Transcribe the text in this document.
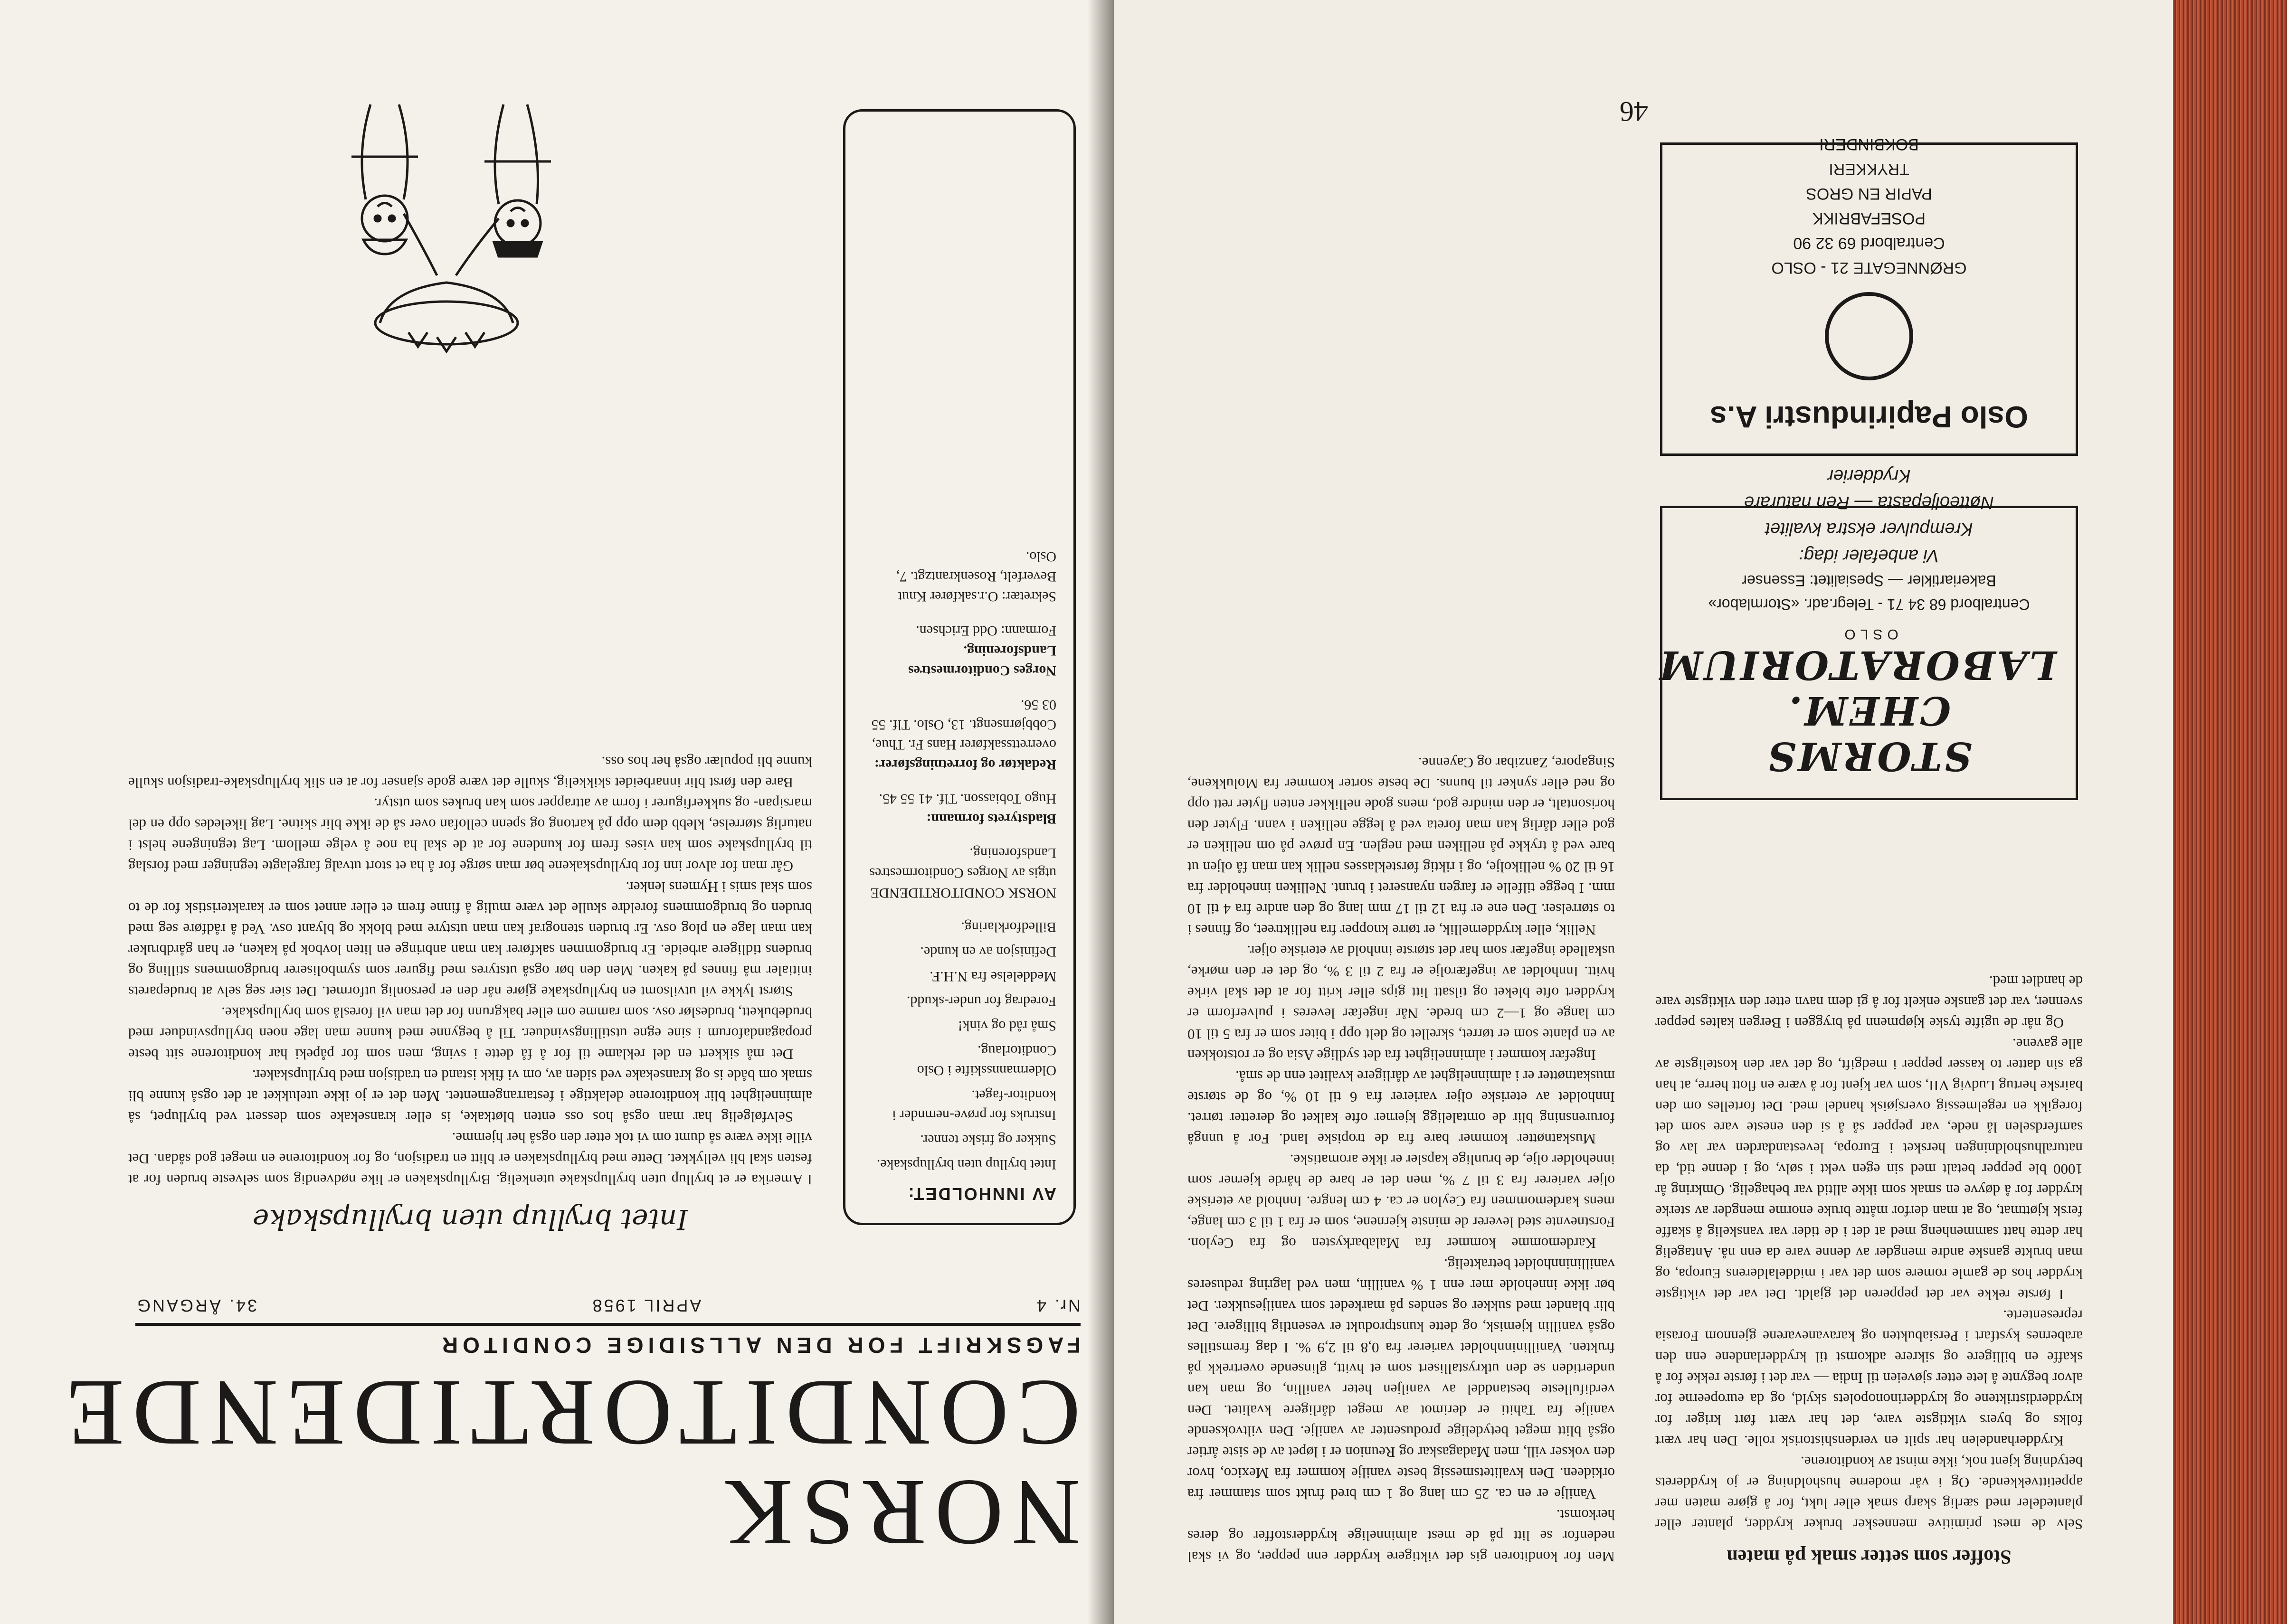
NORSK
CONDITORTIDENDE
FAGSKRIFT FOR DEN ALLSIDIGE CONDITOR
Nr. 4
APRIL 1958
34. ÅRGANG
AV INNHOLDET:
Intet bryllup uten bryllupskake.
Sukker og friske tenner.
Instruks for prøve-nemnder i konditor-faget.
Oldermannsskifte i Oslo Conditorlaug.
Små råd og vink!
Foredrag for under-skudd.
Meddelelse fra N.H.F.
Definisjon av en kunde.
Billedforklaring.
NORSK CONDITORTIDENDE utgis av Norges Conditormestres Landsforening.
Bladstyrets formann:
Hugo Tobiasson. Tlf. 41 55 45.
Redaktør og forretningsfører:
overrettssakfører Hans Fr. Thue, Cobbjørnsengt. 13, Oslo. Tlf. 55 03 56.
Norges Conditormestres Landsforening.
Formann: Odd Erichsen.
Sekretær: O.r.sakfører Knut Beverfelt, Rosenkrantzgt. 7, Oslo.
Intet bryllup uten bryllupskake

I Amerika er et bryllup uten bryllupskake utenkelig. Bryllupskaken er like nødvendig som selveste bruden for at festen skal bli vellykket. Dette med bryllupskaken er blitt en tradisjon, og for konditorene en meget god sådan. Det ville ikke være så dumt om vi tok etter den også her hjemme.

Selvfølgelig har man også hos oss enten bløtkake, is eller kransekake som dessert ved bryllupet, så alminnelighet blir konditorene delaktige i festarrangementet. Men det er jo ikke utelukket at det også kunne bli smak om både is og kransekake ved siden av, om vi fikk istand en tradisjon med bryllupskaker.

Det må sikkert en del reklame til for å få dette i sving, men som for påpeki har konditorene sitt beste propagandaforum i sine egne utstillingsvinduer. Til å begynne med kunne man lage noen bryllupsvinduer med brudebukett, brudeslør osv. som ramme om eller bakgrunn for det man vil foreslå som bryllupskake.

Størst lykke vil utvilsomt en bryllupskake gjøre når den er personlig utformet. Det sier seg selv at brudeparets initialer må finnes på kaken. Men den bør også utstyres med figurer som symboliserer brudgommens stilling og brudens tidligere arbeide. Er brudgommen sakfører kan man anbringe en liten lovbok på kaken, er han gårdbruker kan man lage en plog osv. Er bruden stenograf kan man utstyre med blokk og blyant osv. Ved å rådføre seg med bruden og brudgommens foreldre skulle det være mulig å finne frem et eller annet som er karakteristisk for de to som skal smis i Hymens lenker.

Går man for alvor inn for bryllupskakene bør man sørge for å ha et stort utvalg fargelagte tegninger med forslag til bryllupskake som kan vises frem for kundene for at de skal ha noe å velge mellom. Lag tegningene helst i naturlig størrelse, klebb dem opp på kartong og spenn cellofan over så de ikke blir skitne. Lag likeledes opp en del marsipan- og sukkerfigurer i form av attrapper som kan brukes som utstyr.

Bare den først blir innarbeidet skikkelig, skulle det være gode sjanser for at en slik bryllupskake-tradisjon skulle kunne bli populær også her hos oss.

46
Oslo Papirindustri A.s
GRØNNEGATE 21 - OSLO
Centralbord 69 32 90
POSEFABRIKK
PAPIR EN GROS
TRYKKERI
BOKBINDERI
STORMS CHEM. LABORATORIUM
OSLO
Centralbord 68 34 71 - Telegr.adr. «Stormlabor»
Bakeriartikler — Spesialitet: Essenser
Vi anbefaler idag:
Krempulver ekstra kvalitet
Nøtteoljepasta — Ren naturare
Krydderier

Men for konditoren gis det viktigere krydder enn pepper, og vi skal nedenfor se litt på de mest alminnelige krydderstoffer og deres herkomst.

Vanilje er en ca. 25 cm lang og 1 cm bred frukt som stammer fra orkideen. Den kvalitetsmessig beste vanilje kommer fra Mexico, hvor den vokser vill, men Madagaskar og Reunion er i løpet av de siste årtier også blitt meget betydelige produsenter av vanilje. Den viltvoksende vanilje fra Tahiti er derimot av meget dårligere kvalitet. Den verdifulleste bestanddel av vaniljen heter vanillin, og man kan undertiden se den utkrystallisert som et hvitt, glinsende overtrekk på frukten. Vanillininnholdet varierer fra 0,8 til 2,9 %. I dag fremstilles også vanillin kjemisk, og dette kunstprodukt er vesentlig billigere. Det blir blandet med sukker og sendes på markedet som vaniljesukker. Det bør ikke inneholde mer enn 1 % vanillin, men ved lagring reduseres vanillininnholdet betraktelig.

Kardemomme kommer fra Malabarkysten og fra Ceylon. Forstnevnte sted leverer de minste kjernene, som er fra 1 til 3 cm lange, mens kardemommen fra Ceylon er ca. 4 cm lengre. Innhold av eteriske oljer varierer fra 3 til 7 %, men det er bare de hårde kjerner som inneholder olje, de brunlige kapsler er ikke aromatiske.

Muskatnøtter kommer bare fra de tropiske land. For å unngå forurensning blir de omtaleligg kjerner ofte kalket og deretter tørret. Innholdet av eteriske oljer varierer fra 6 til 10 %, og de største muskatnøtter er i alminnelighet av dårligere kvalitet enn de små.

Ingefær kommer i alminnelighet fra det sydlige Asia og er rotstokken av en plante som er tørret, skrellet og delt opp i biter som er fra 5 til 10 cm lange og 1—2 cm brede. Når ingefær leveres i pulverform er kryddert ofte bleket og tilsatt litt gips eller kritt for at det skal virke hvitt. Innholdet av ingefærolje er fra 2 til 3 %, og det er den mørke, uskallede ingefær som har det største innhold av eteriske oljer.

Nellik, eller kryddernellik, er tørre knopper fra nelliktreet, og finnes i to størrelser. Den ene er fra 12 til 17 mm lang og den andre fra 4 til 10 mm. I begge tilfelle er fargen nyanseret i brunt. Nelliken inneholder fra 16 til 20 % nellikolje, og i riktig førsteklasses nellik kan man få oljen ut bare ved å trykke på nelliken med neglen. En prøve på om nelliken er god eller dårlig kan man foreta ved å legge nelliken i vann. Flyter den horisontalt, er den mindre god, mens gode nellikker enten flyter rett opp og ned eller synker til bunns. De beste sorter kommer fra Molukkene, Singapore, Zanzibar og Cayenne.

Stoffer som setter smak på maten

Selv de mest primitive mennesker bruker krydder, planter eller plantedeler med særlig skarp smak eller lukt, for å gjøre maten mer appetittvekkende. Og i vår moderne husholdning er jo krydderets betydning kjent nok, ikke minst av konditorene.

Krydderhandelen har spilt en verdenshistorisk rolle. Den har vært folks og byers viktigste vare, det har vært ført kriger for krydderdistriktene og krydderinonopolets skyld, og da europeerne for alvor begynte å lete etter sjøveien til India — var det i første rekke for å skaffe en billigere og sikrere adkomst til krydderlandene enn den arabernes kystfart i Persiabukten og karavanevarene gjennom Forasia representerte.

I første rekke var det pepperen det gjaldt. Det var det viktigste krydder hos de gamle romere som det var i middelalderens Europa, og man brukte ganske andre mengder av denne vare da enn nå. Antagelig har dette hatt sammenheng med at det i de tider var vanskelig å skaffe fersk kjøttmat, og at man derfor måtte bruke enorme mengder av sterke krydder for å døyve en smak som ikke alltid var behagelig. Omkring år 1000 ble pepper betalt med sin egen vekt i sølv, og i denne tid, da naturalhusholdningen hersket i Europa, levestandarden var lav og samferdselen lå nede, var pepper så å si den eneste vare som det foregikk en regelmessig oversjøisk handel med. Det fortelles om den bairske hertug Ludvig VII, som var kjent for å være en flott herre, at han ga sin datter to kasser pepper i medgift, og det var den kosteligste av alle gavene.

Og når de ugifte tyske kjøpmenn på bryggen i Bergen kaltes pepper svenner, var det ganske enkelt for å gi dem navn etter den viktigste vare de handlet med.
